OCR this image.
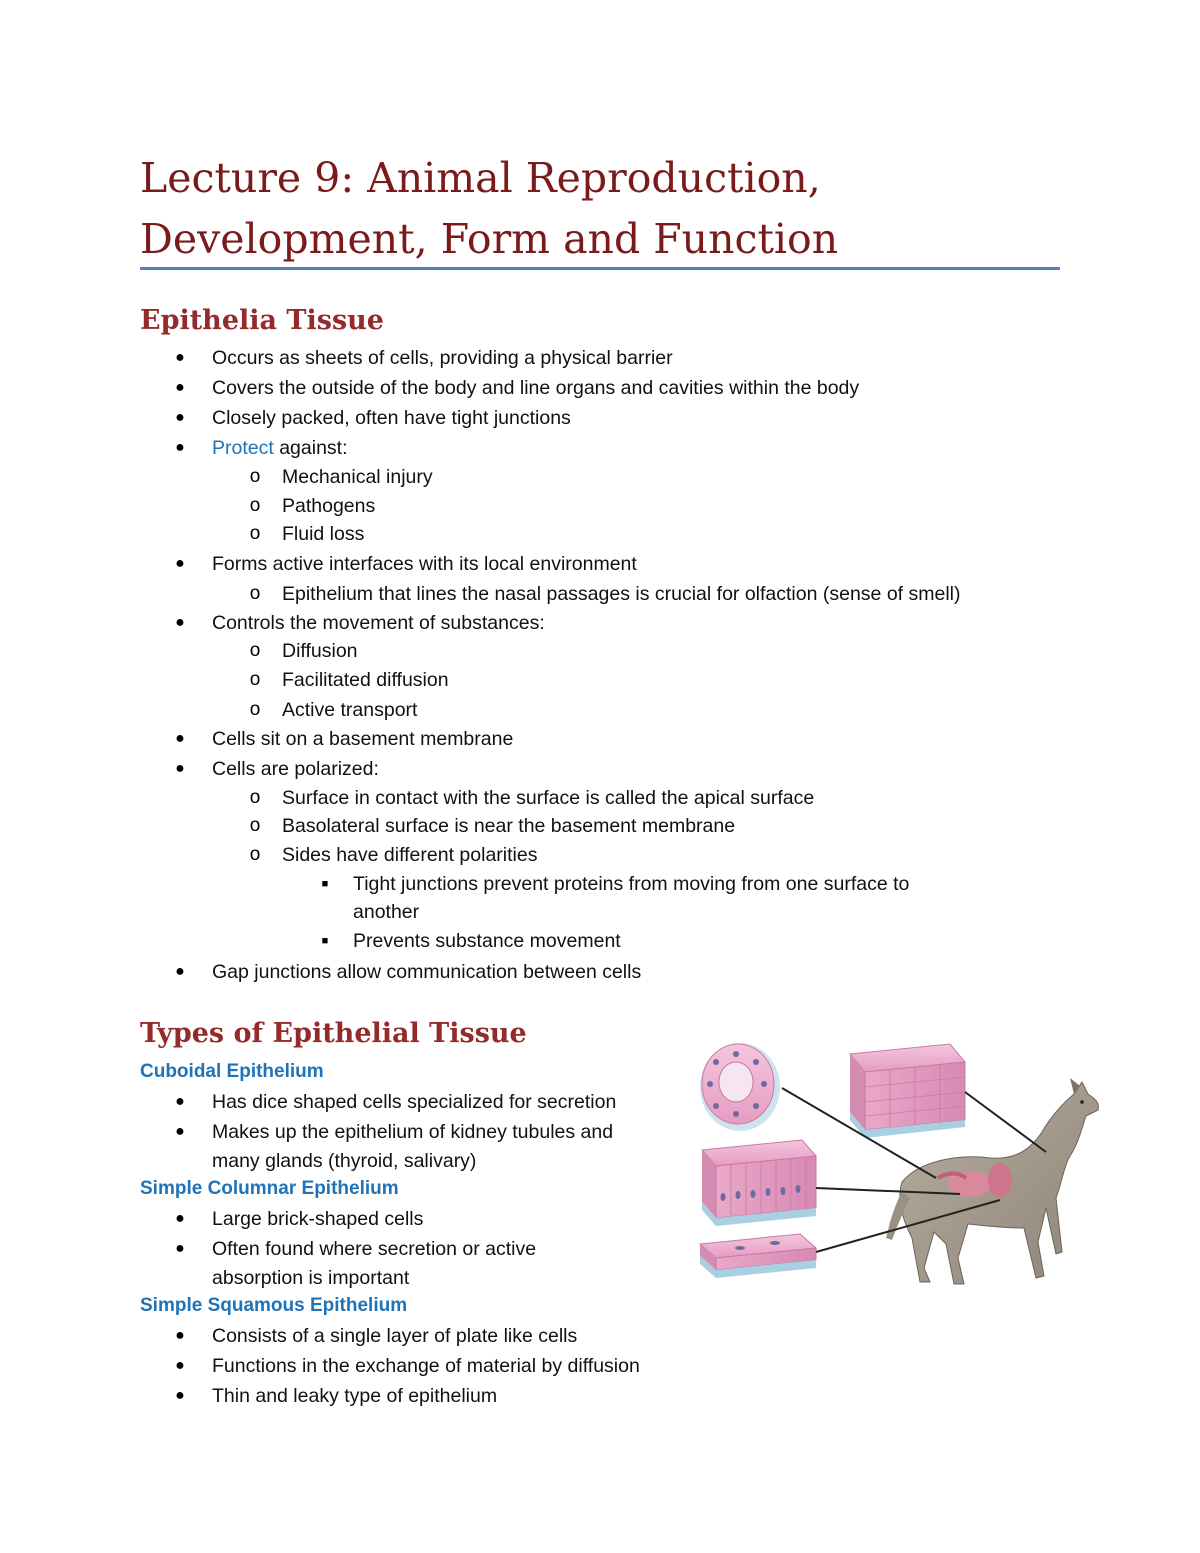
Lecture 9: Animal Reproduction,
Development, Form and Function
Epithelia Tissue
● Occurs as sheets of cells, providing a physical barrier
● Covers the outside of the body and line organs and cavities within the body
● Closely packed, often have tight junctions
● Protect against:
o Mechanical injury
o Pathogens
o Fluid loss
● Forms active interfaces with its local environment
o Epithelium that lines the nasal passages is crucial for olfaction (sense of smell)
● Controls the movement of substances:
o Diffusion
o Facilitated diffusion
o Active transport
● Cells sit on a basement membrane
● Cells are polarized:
o Surface in contact with the surface is called the apical surface
o Basolateral surface is near the basement membrane
o Sides have different polarities
■	Tight junctions prevent proteins from moving from one surface to
another
■	Prevents substance movement
● Gap junctions allow communication between cells
Types of Epithelial Tissue
Cuboidal Epithelium
● Has dice shaped cells specialized for secretion
● Makes up the epithelium of kidney tubules and
many glands (thyroid, salivary)
Simple Columnar Epithelium
● Large brick-shaped cells
● Often found where secretion or active
absorption is important
Simple Squamous Epithelium
● Consists of a single layer of plate like cells
● Functions in the exchange of material by diffusion
● Thin and leaky type of epithelium
